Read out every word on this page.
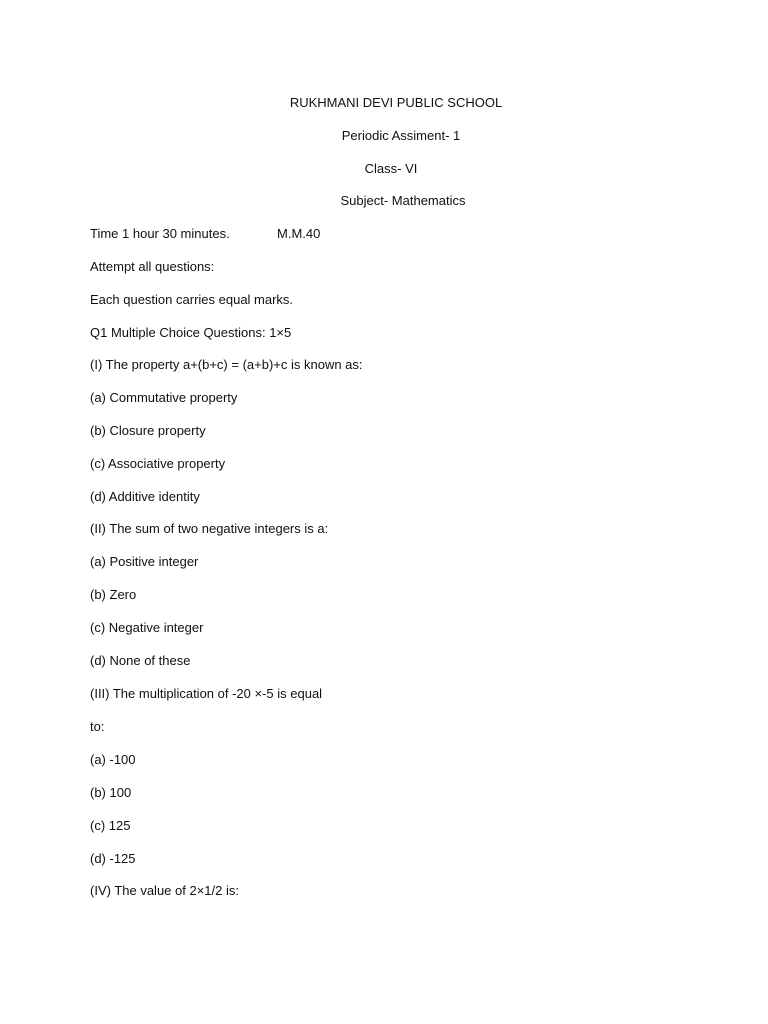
RUKHMANI DEVI PUBLIC SCHOOL
Periodic Assiment- 1
Class- VI
Subject- Mathematics
Time 1 hour 30 minutes.	M.M.40
Attempt all questions:
Each question carries equal marks.
Q1 Multiple Choice Questions: 1×5
(I) The property a+(b+c) = (a+b)+c is known as:
(a) Commutative property
(b) Closure property
(c) Associative property
(d) Additive identity
(II) The sum of two negative integers is a:
(a) Positive integer
(b) Zero
(c) Negative integer
(d) None of these
(III) The multiplication of -20 ×-5 is equal
to:
(a) -100
(b) 100
(c) 125
(d) -125
(IV) The value of 2×1/2 is:
